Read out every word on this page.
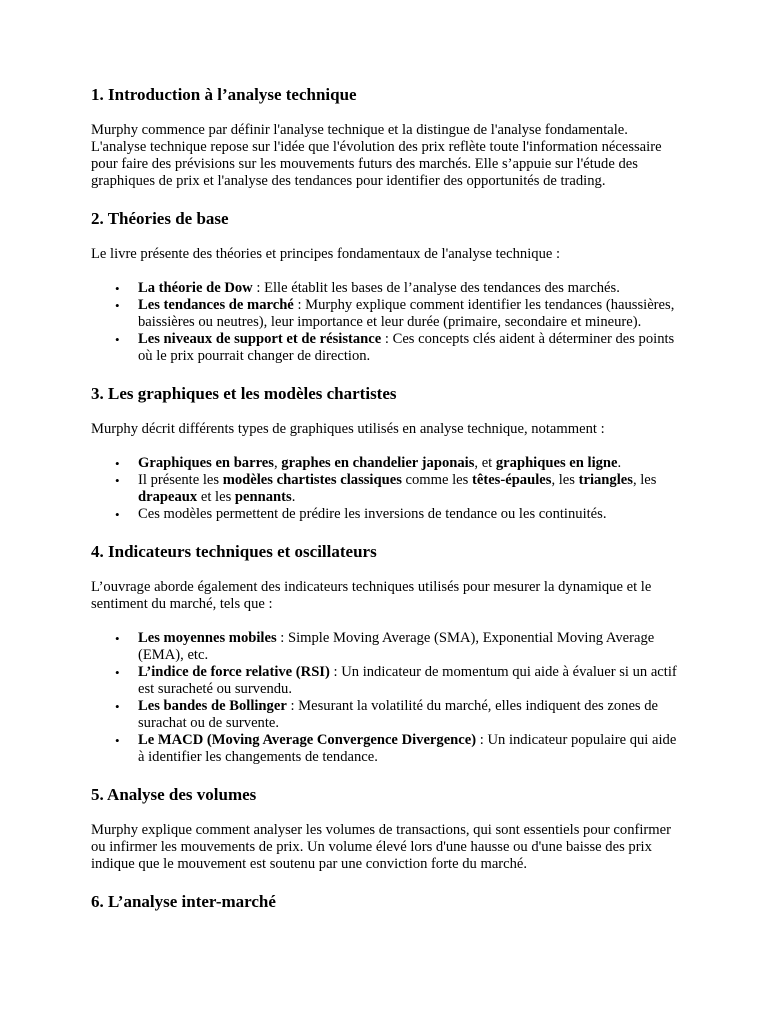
1. Introduction à l’analyse technique

Murphy commence par définir l'analyse technique et la distingue de l'analyse fondamentale. L'analyse technique repose sur l'idée que l'évolution des prix reflète toute l'information nécessaire pour faire des prévisions sur les mouvements futurs des marchés. Elle s’appuie sur l'étude des graphiques de prix et l'analyse des tendances pour identifier des opportunités de trading.

2. Théories de base

Le livre présente des théories et principes fondamentaux de l'analyse technique :

• La théorie de Dow : Elle établit les bases de l’analyse des tendances des marchés.
• Les tendances de marché : Murphy explique comment identifier les tendances (haussières, baissières ou neutres), leur importance et leur durée (primaire, secondaire et mineure).
• Les niveaux de support et de résistance : Ces concepts clés aident à déterminer des points où le prix pourrait changer de direction.
3. Les graphiques et les modèles chartistes

Murphy décrit différents types de graphiques utilisés en analyse technique, notamment :

• Graphiques en barres, graphes en chandelier japonais, et graphiques en ligne.
• Il présente les modèles chartistes classiques comme les têtes-épaules, les triangles, les drapeaux et les pennants.
• Ces modèles permettent de prédire les inversions de tendance ou les continuités.
4. Indicateurs techniques et oscillateurs

L’ouvrage aborde également des indicateurs techniques utilisés pour mesurer la dynamique et le sentiment du marché, tels que :

• Les moyennes mobiles : Simple Moving Average (SMA), Exponential Moving Average (EMA), etc.
• L’indice de force relative (RSI) : Un indicateur de momentum qui aide à évaluer si un actif est suracheté ou survendu.
• Les bandes de Bollinger : Mesurant la volatilité du marché, elles indiquent des zones de surachat ou de survente.
• Le MACD (Moving Average Convergence Divergence) : Un indicateur populaire qui aide à identifier les changements de tendance.
5. Analyse des volumes

Murphy explique comment analyser les volumes de transactions, qui sont essentiels pour confirmer ou infirmer les mouvements de prix. Un volume élevé lors d'une hausse ou d'une baisse des prix indique que le mouvement est soutenu par une conviction forte du marché.

6. L’analyse inter-marché
